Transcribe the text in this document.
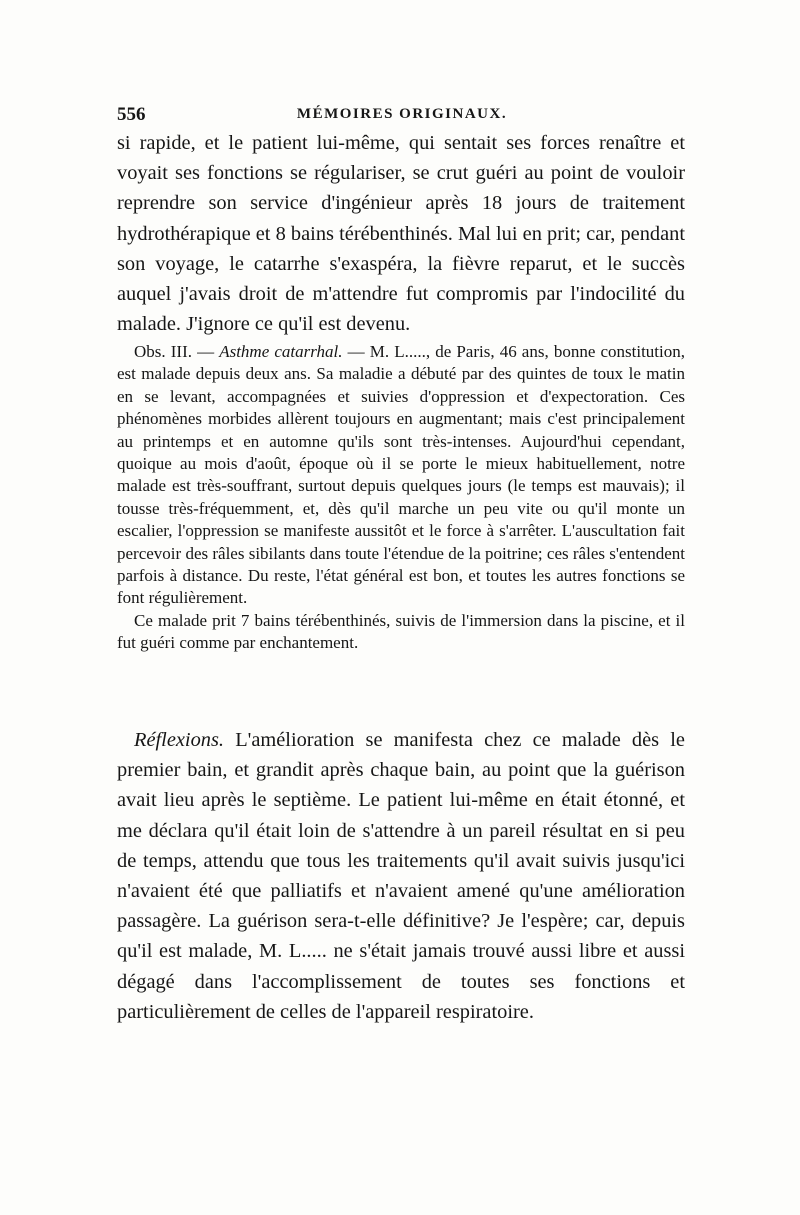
556	MÉMOIRES ORIGINAUX.

si rapide, et le patient lui-même, qui sentait ses forces renaître et voyait ses fonctions se régulariser, se crut guéri au point de vouloir reprendre son service d'ingénieur après 18 jours de traitement hydrothérapique et 8 bains térébenthinés. Mal lui en prit; car, pendant son voyage, le catarrhe s'exaspéra, la fièvre reparut, et le succès auquel j'avais droit de m'attendre fut compromis par l'indocilité du malade. J'ignore ce qu'il est devenu.

Obs. III. — Asthme catarrhal. — M. L....., de Paris, 46 ans, bonne constitution, est malade depuis deux ans. Sa maladie a débuté par des quintes de toux le matin en se levant, accompagnées et suivies d'oppression et d'expectoration. Ces phénomènes morbides allèrent toujours en augmentant; mais c'est principalement au printemps et en automne qu'ils sont très-intenses. Aujourd'hui cependant, quoique au mois d'août, époque où il se porte le mieux habituellement, notre malade est très-souffrant, surtout depuis quelques jours (le temps est mauvais); il tousse très-fréquemment, et, dès qu'il marche un peu vite ou qu'il monte un escalier, l'oppression se manifeste aussitôt et le force à s'arrêter. L'auscultation fait percevoir des râles sibilants dans toute l'étendue de la poitrine; ces râles s'entendent parfois à distance. Du reste, l'état général est bon, et toutes les autres fonctions se font régulièrement.

Ce malade prit 7 bains térébenthinés, suivis de l'immersion dans la piscine, et il fut guéri comme par enchantement.

Réflexions. L'amélioration se manifesta chez ce malade dès le premier bain, et grandit après chaque bain, au point que la guérison avait lieu après le septième. Le patient lui-même en était étonné, et me déclara qu'il était loin de s'attendre à un pareil résultat en si peu de temps, attendu que tous les traitements qu'il avait suivis jusqu'ici n'avaient été que palliatifs et n'avaient amené qu'une amélioration passagère. La guérison sera-t-elle définitive? Je l'espère; car, depuis qu'il est malade, M. L..... ne s'était jamais trouvé aussi libre et aussi dégagé dans l'accomplissement de toutes ses fonctions et particulièrement de celles de l'appareil respiratoire.
